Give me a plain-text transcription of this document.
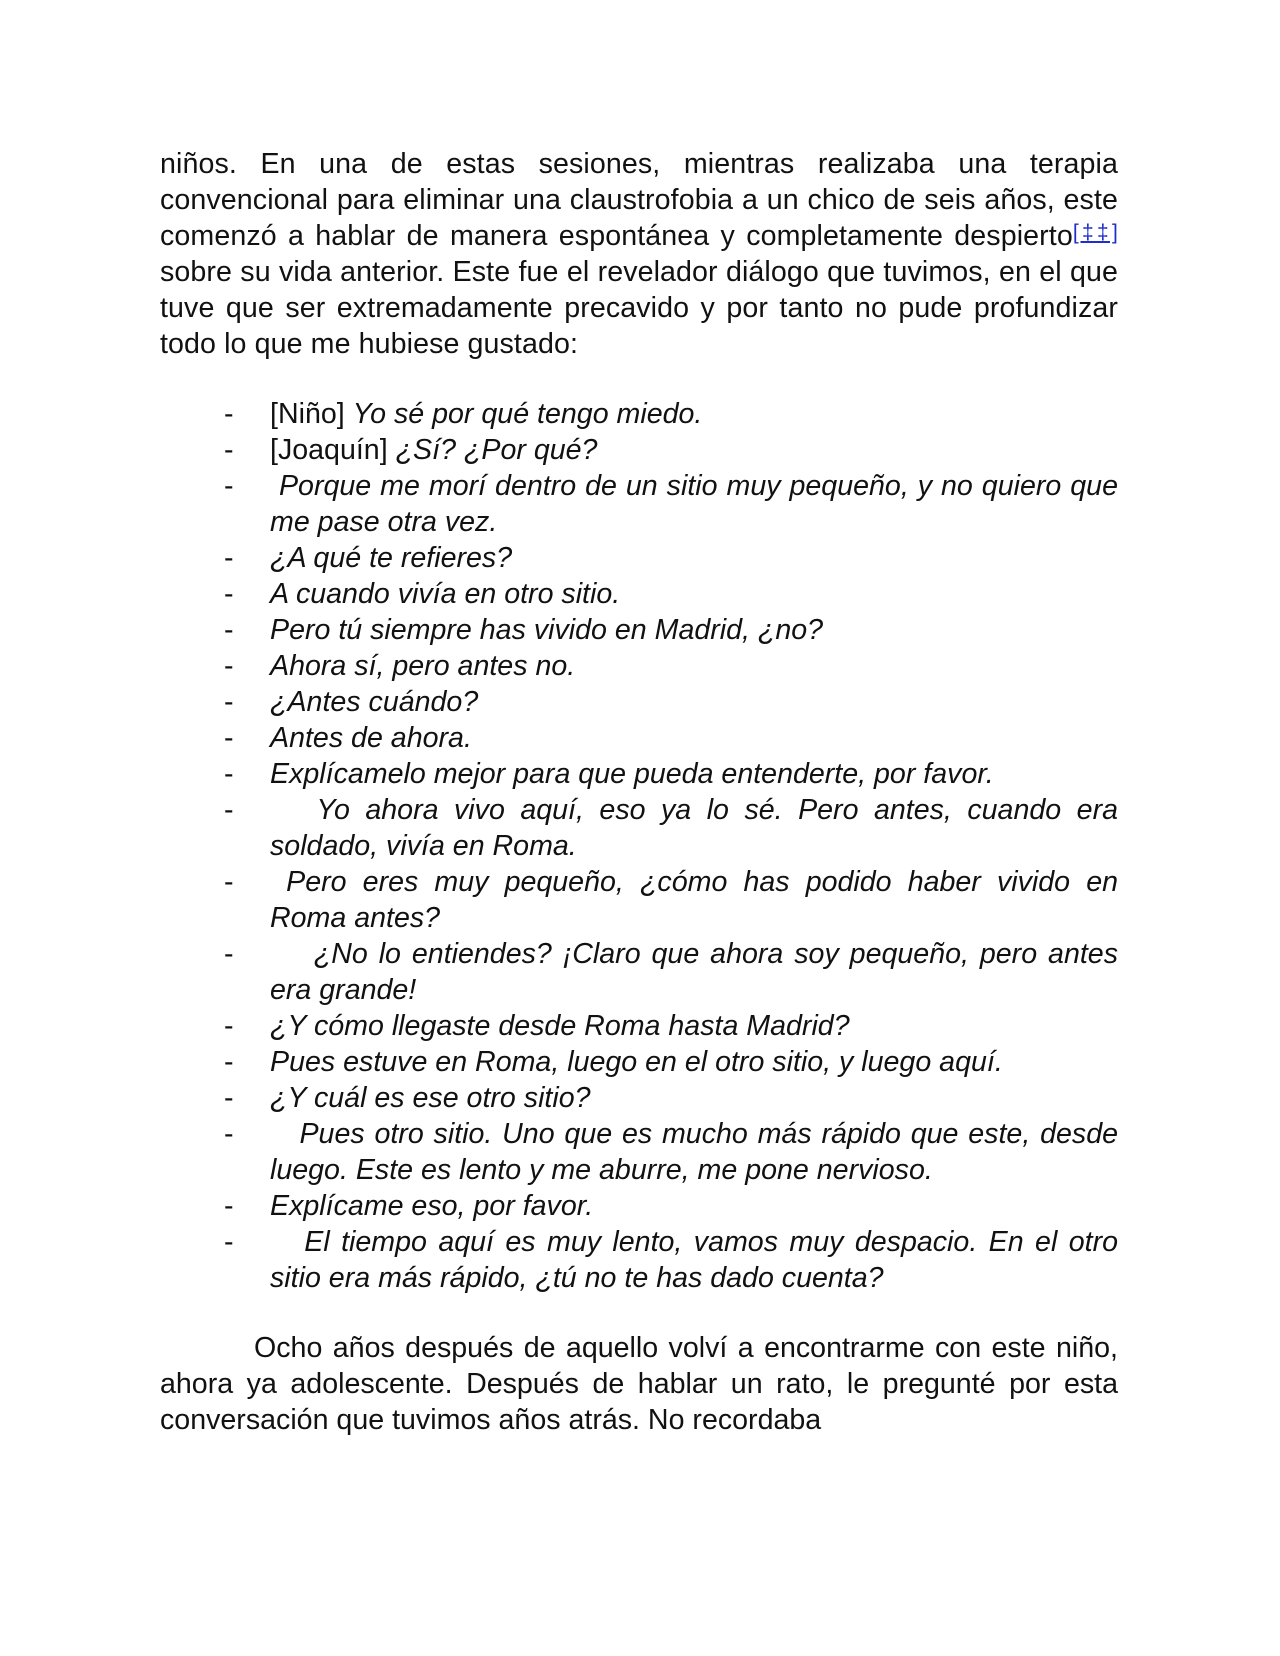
niños. En una de estas sesiones, mientras realizaba una terapia convencional para eliminar una claustrofobia a un chico de seis años, este comenzó a hablar de manera espontánea y completamente despierto[‡‡] sobre su vida anterior. Este fue el revelador diálogo que tuvimos, en el que tuve que ser extremadamente precavido y por tanto no pude profundizar todo lo que me hubiese gustado:

- [Niño] Yo sé por qué tengo miedo.
- [Joaquín] ¿Sí? ¿Por qué?
- Porque me morí dentro de un sitio muy pequeño, y no quiero que me pase otra vez.
- ¿A qué te refieres?
- A cuando vivía en otro sitio.
- Pero tú siempre has vivido en Madrid, ¿no?
- Ahora sí, pero antes no.
- ¿Antes cuándo?
- Antes de ahora.
- Explícamelo mejor para que pueda entenderte, por favor.
- Yo ahora vivo aquí, eso ya lo sé. Pero antes, cuando era soldado, vivía en Roma.
- Pero eres muy pequeño, ¿cómo has podido haber vivido en Roma antes?
- ¿No lo entiendes? ¡Claro que ahora soy pequeño, pero antes era grande!
- ¿Y cómo llegaste desde Roma hasta Madrid?
- Pues estuve en Roma, luego en el otro sitio, y luego aquí.
- ¿Y cuál es ese otro sitio?
- Pues otro sitio. Uno que es mucho más rápido que este, desde luego. Este es lento y me aburre, me pone nervioso.
- Explícame eso, por favor.
- El tiempo aquí es muy lento, vamos muy despacio. En el otro sitio era más rápido, ¿tú no te has dado cuenta?

Ocho años después de aquello volví a encontrarme con este niño, ahora ya adolescente. Después de hablar un rato, le pregunté por esta conversación que tuvimos años atrás. No recordaba
